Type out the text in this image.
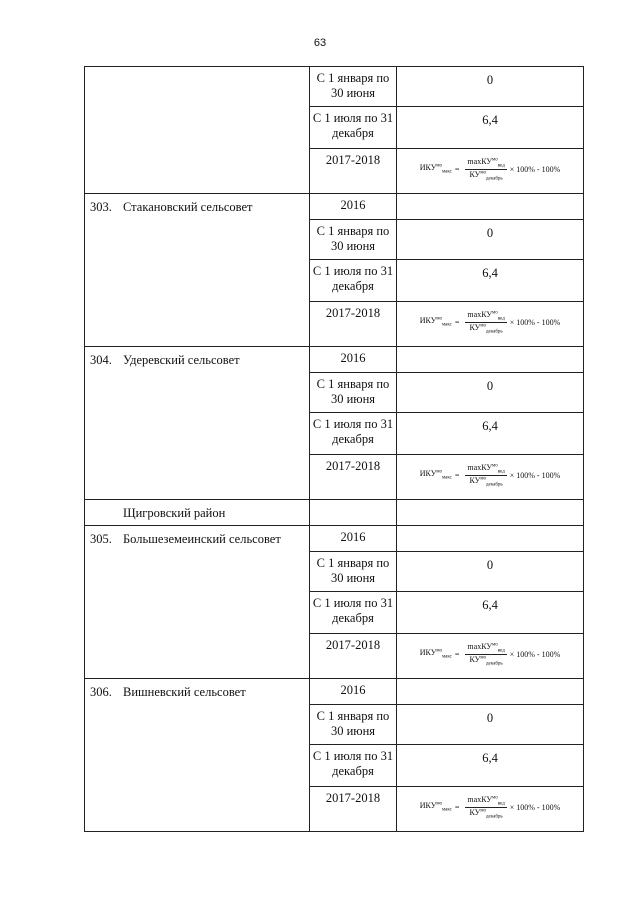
63
	С 1 января по 30 июня	0

	С 1 июля по 31 декабря	6,4

	2017-2018	$ИКУ^{мо}_{макс} = \frac{\max КУ^{мо}_{вед}}{КУ^{мо}_{декабрь}} \times 100\% - 100\%$

303. Стакановский сельсовет	2016	
	С 1 января по 30 июня	0

	С 1 июля по 31 декабря	6,4

	2017-2018	$ИКУ^{мо}_{макс} = \frac{\max КУ^{мо}_{вед}}{КУ^{мо}_{декабрь}} \times 100\% - 100\%$

304. Удеревский сельсовет	2016	
	С 1 января по 30 июня	0

	С 1 июля по 31 декабря	6,4

	2017-2018	$ИКУ^{мо}_{макс} = \frac{\max КУ^{мо}_{вед}}{КУ^{мо}_{декабрь}} \times 100\% - 100\%$

Щигровский район		

305. Большеземеинский сельсовет	2016	
	С 1 января по 30 июня	0

	С 1 июля по 31 декабря	6,4

	2017-2018	$ИКУ^{мо}_{макс} = \frac{\max КУ^{мо}_{вед}}{КУ^{мо}_{декабрь}} \times 100\% - 100\%$

306. Вишневский сельсовет	2016	
	С 1 января по 30 июня	0

	С 1 июля по 31 декабря	6,4

	2017-2018	$ИКУ^{мо}_{макс} = \frac{\max КУ^{мо}_{вед}}{КУ^{мо}_{декабрь}} \times 100\% - 100\%$
